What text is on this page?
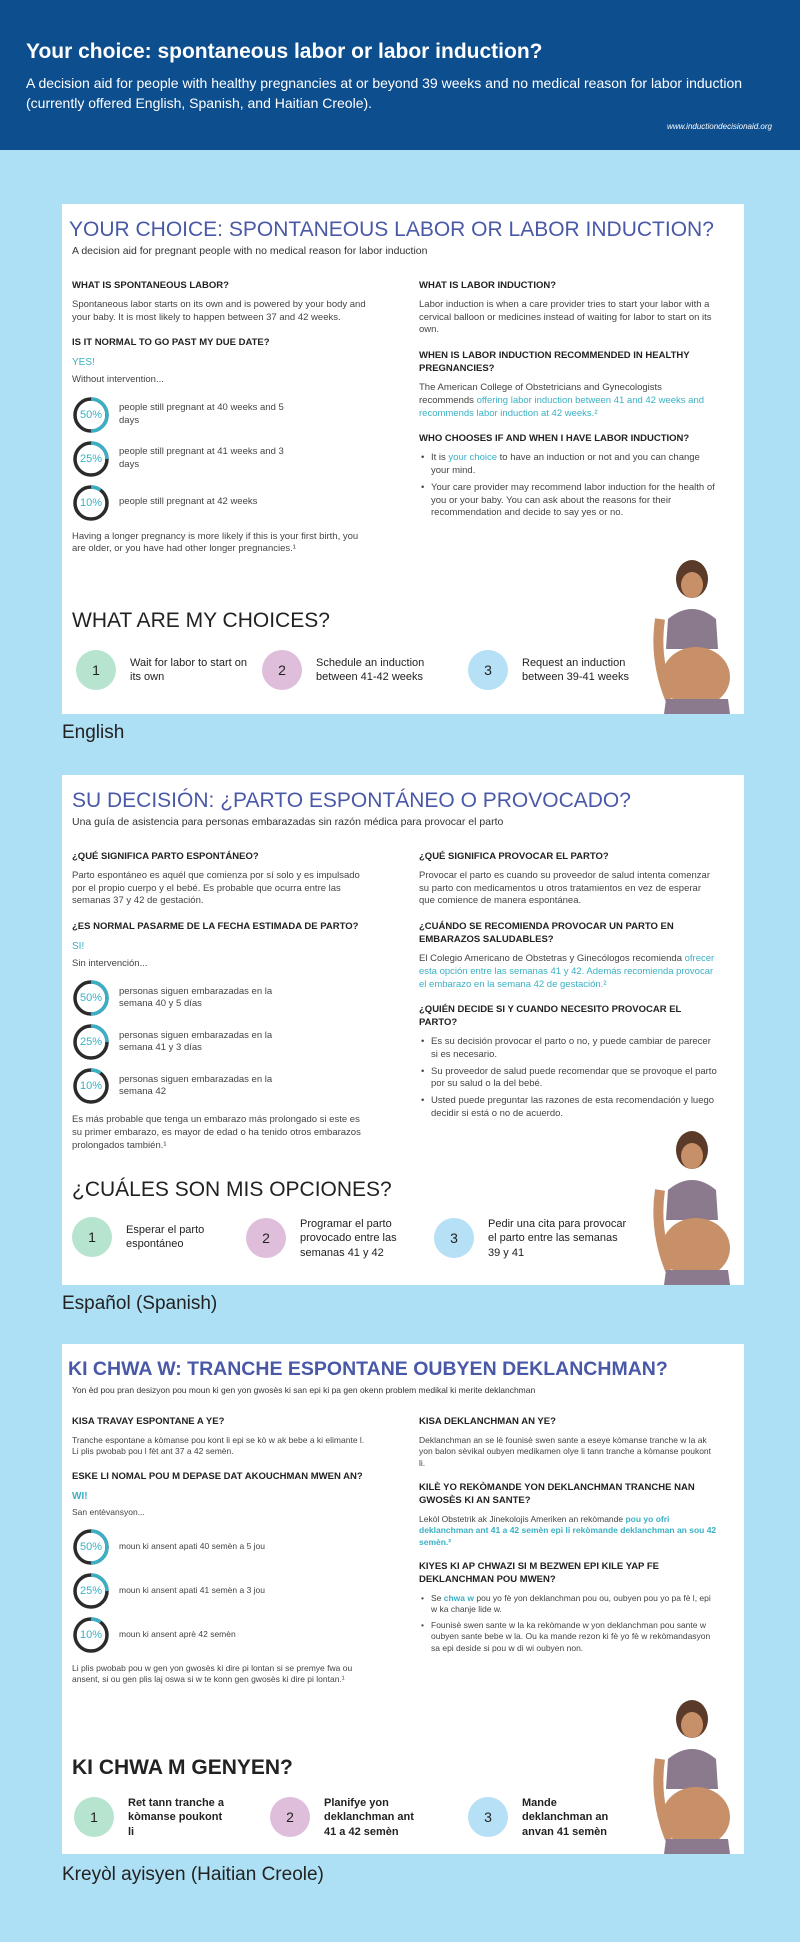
Your choice: spontaneous labor or labor induction?

A decision aid for people with healthy pregnancies at or beyond 39 weeks and no medical reason for labor induction (currently offered English, Spanish, and Haitian Creole).

www.inductiondecisionaid.org
YOUR CHOICE: SPONTANEOUS LABOR OR LABOR INDUCTION?
A decision aid for pregnant people with no medical reason for labor induction
WHAT IS SPONTANEOUS LABOR?
Spontaneous labor starts on its own and is powered by your body and your baby. It is most likely to happen between 37 and 42 weeks.
IS IT NORMAL TO GO PAST MY DUE DATE?
YES!
Without intervention...
50%
people still pregnant at 40 weeks and 5 days
25%
people still pregnant at 41 weeks and 3 days
10%	people still pregnant at 42 weeks
Having a longer pregnancy is more likely if this is your first birth, you are older, or you have had other longer pregnancies.¹
WHAT IS LABOR INDUCTION?
Labor induction is when a care provider tries to start your labor with a cervical balloon or medicines instead of waiting for labor to start on its own.
WHEN IS LABOR INDUCTION RECOMMENDED IN HEALTHY PREGNANCIES?
The American College of Obstetricians and Gynecologists recommends offering labor induction between 41 and 42 weeks and recommends labor induction at 42 weeks.²
WHO CHOOSES IF AND WHEN I HAVE LABOR INDUCTION?
• It is your choice to have an induction or not and you can change your mind.
• Your care provider may recommend labor induction for the health of you or your baby. You can ask about the reasons for their recommendation and decide to say yes or no.
WHAT ARE MY CHOICES?
1	Wait for labor to start on its own	2	Schedule an induction between 41-42 weeks	3	Request an induction between 39-41 weeks
English
SU DECISIÓN: ¿PARTO ESPONTÁNEO O PROVOCADO?
Una guía de asistencia para personas embarazadas sin razón médica para provocar el parto
¿QUÉ SIGNIFICA PARTO ESPONTÁNEO?
Parto espontáneo es aquél que comienza por sí solo y es impulsado por el propio cuerpo y el bebé. Es probable que ocurra entre las semanas 37 y 42 de gestación.
¿ES NORMAL PASARME DE LA FECHA ESTIMADA DE PARTO?
SI!
Sin intervención...
50%
personas siguen embarazadas en la semana 40 y 5 días
25%
personas siguen embarazadas en la semana 41 y 3 días
10%
personas siguen embarazadas en la semana 42
Es más probable que tenga un embarazo más prolongado si este es su primer embarazo, es mayor de edad o ha tenido otros embarazos prolongados también.¹
¿QUÉ SIGNIFICA PROVOCAR EL PARTO?
Provocar el parto es cuando su proveedor de salud intenta comenzar su parto con medicamentos u otros tratamientos en vez de esperar que comience de manera espontánea.
¿CUÁNDO SE RECOMIENDA PROVOCAR UN PARTO EN EMBARAZOS SALUDABLES?
El Colegio Americano de Obstetras y Ginecólogos recomienda ofrecer esta opción entre las semanas 41 y 42. Además recomienda provocar el embarazo en la semana 42 de gestación.²
¿QUIÉN DECIDE SI Y CUANDO NECESITO PROVOCAR EL PARTO?
• Es su decisión provocar el parto o no, y puede cambiar de parecer si es necesario.
• Su proveedor de salud puede recomendar que se provoque el parto por su salud o la del bebé.
• Usted puede preguntar las razones de esta recomendación y luego decidir si está o no de acuerdo.
¿CUÁLES SON MIS OPCIONES?
1	Esperar el parto espontáneo	2
Programar el parto provocado entre las semanas 41 y 42
3
Pedir una cita para provocar el parto entre las semanas 39 y 41
Español (Spanish)
KI CHWA W: TRANCHE ESPONTANE OUBYEN DEKLANCHMAN?
Yon èd pou pran desizyon pou moun ki gen yon gwosès ki san epi ki pa gen okenn problem medikal ki merite deklanchman
KISA TRAVAY ESPONTANE A YE?
Tranche espontane a kòmanse pou kont li epi se kò w ak bebe a ki elimante l. Li plis pwobab pou l fèt ant 37 a 42 semèn.
ESKE LI NOMAL POU M DEPASE DAT AKOUCHMAN MWEN AN?
WI!
San entèvansyon...
50%	moun ki ansent apati 40 semèn a 5 jou
25%	moun ki ansent apati 41 semèn a 3 jou
10%	moun ki ansent aprè 42 semèn
Li plis pwobab pou w gen yon gwosès ki dire pi lontan si se premye fwa ou ansent, si ou gen plis laj oswa si w te konn gen gwosès ki dire pi lontan.¹
KISA DEKLANCHMAN AN YE?
Deklanchman an se lè founisè swen sante a eseye kòmanse tranche w la ak yon balon sèvikal oubyen medikamen olye li tann tranche a kòmanse poukont li.
KILÈ YO REKÒMANDE YON DEKLANCHMAN TRANCHE NAN GWOSÈS KI AN SANTE?
Lekòl Obstetrik ak Jinekolojis Ameriken an rekòmande pou yo ofri deklanchman ant 41 a 42 semèn epi li rekòmande deklanchman an sou 42 semèn.²
KIYES KI AP CHWAZI SI M BEZWEN EPI KILE YAP FE DEKLANCHMAN POU MWEN?
• Se chwa w pou yo fè yon deklanchman pou ou, oubyen pou yo pa fè l, epi w ka chanje lide w.
• Founisè swen sante w la ka rekòmande w yon deklanchman pou sante w oubyen sante bebe w la. Ou ka mande rezon ki fè yo fè w rekòmandasyon sa epi deside si pou w di wi oubyen non.
KI CHWA M GENYEN?
1
Ret tann tranche a kòmanse poukont li
2
Planifye yon deklanchman ant 41 a 42 semèn
3
Mande deklanchman an anvan 41 semèn
Kreyòl ayisyen (Haitian Creole)
